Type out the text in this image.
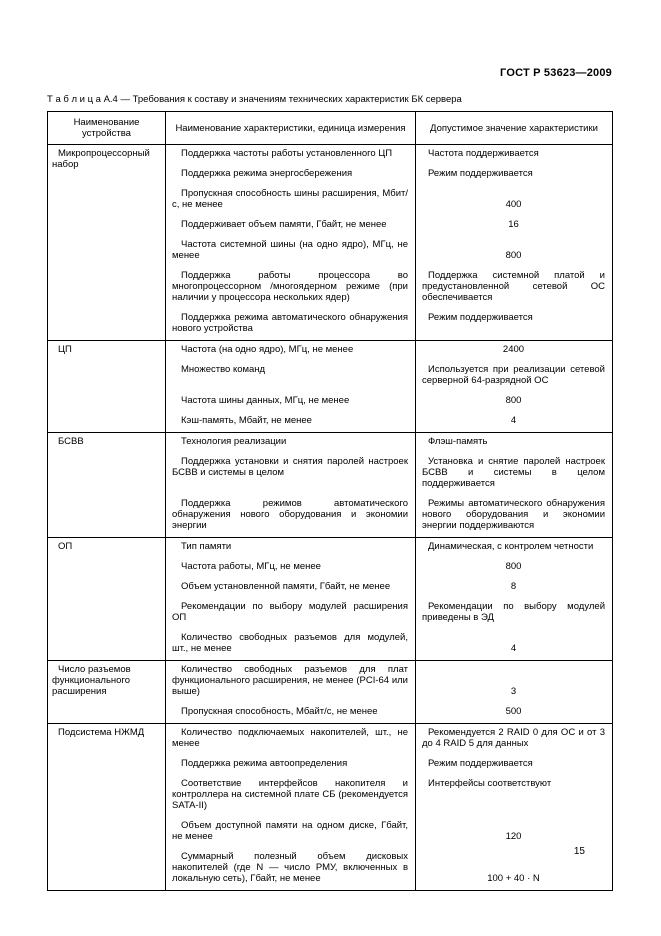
ГОСТ Р 53623—2009
Т а б л и ц а А.4 — Требования к составу и значениям технических характеристик БК сервера
Наименование устройства	Наименование характеристики, единица измерения	Допустимое значение характеристики
Микропроцессорный набор	Поддержка частоты работы установленного ЦП	Частота поддерживается
	Поддержка режима энергосбережения	Режим поддерживается
	Пропускная способность шины расширения, Мбит/с, не менее	400
	Поддерживает объем памяти, Гбайт, не менее	16
	Частота системной шины (на одно ядро), МГц, не менее	800
	Поддержка работы процессора во многопроцессорном /многоядерном режиме (при наличии у процессора нескольких ядер)	Поддержка системной платой и предустановленной сетевой ОС обеспечивается
	Поддержка режима автоматического обнаружения нового устройства	Режим поддерживается
ЦП	Частота (на одно ядро), МГц, не менее	2400
	Множество команд	Используется при реализации сетевой серверной 64-разрядной ОС
	Частота шины данных, МГц, не менее	800
	Кэш-память, Мбайт, не менее	4
БСВВ	Технология реализации	Флэш-память
	Поддержка установки и снятия паролей настроек БСВВ и системы в целом	Установка и снятие паролей настроек БСВВ и системы в целом поддерживается
	Поддержка режимов автоматического обнаружения нового оборудования и экономии энергии	Режимы автоматического обнаружения нового оборудования и экономии энергии поддерживаются
ОП	Тип памяти	Динамическая, с контролем четности
	Частота работы, МГц, не менее	800
	Объем установленной памяти, Гбайт, не менее	8
	Рекомендации по выбору модулей расширения ОП	Рекомендации по выбору модулей приведены в ЭД
	Количество свободных разъемов для модулей, шт., не менее	4
Число разъемов функционального расширения	Количество свободных разъемов для плат функционального расширения, не менее (PCI-64 или выше)	3
	Пропускная способность, Мбайт/с, не менее	500
Подсистема НЖМД	Количество подключаемых накопителей, шт., не менее	Рекомендуется 2 RAID 0 для ОС и от 3 до 4 RAID 5 для данных
	Поддержка режима автоопределения	Режим поддерживается
	Соответствие интерфейсов накопителя и контроллера на системной плате СБ (рекомендуется SATA-II)	Интерфейсы соответствуют
	Объем доступной памяти на одном диске, Гбайт, не менее	120
	Суммарный полезный объем дисковых накопителей (где N — число РМУ, включенных в локальную сеть), Гбайт, не менее	100 + 40 · N
15
